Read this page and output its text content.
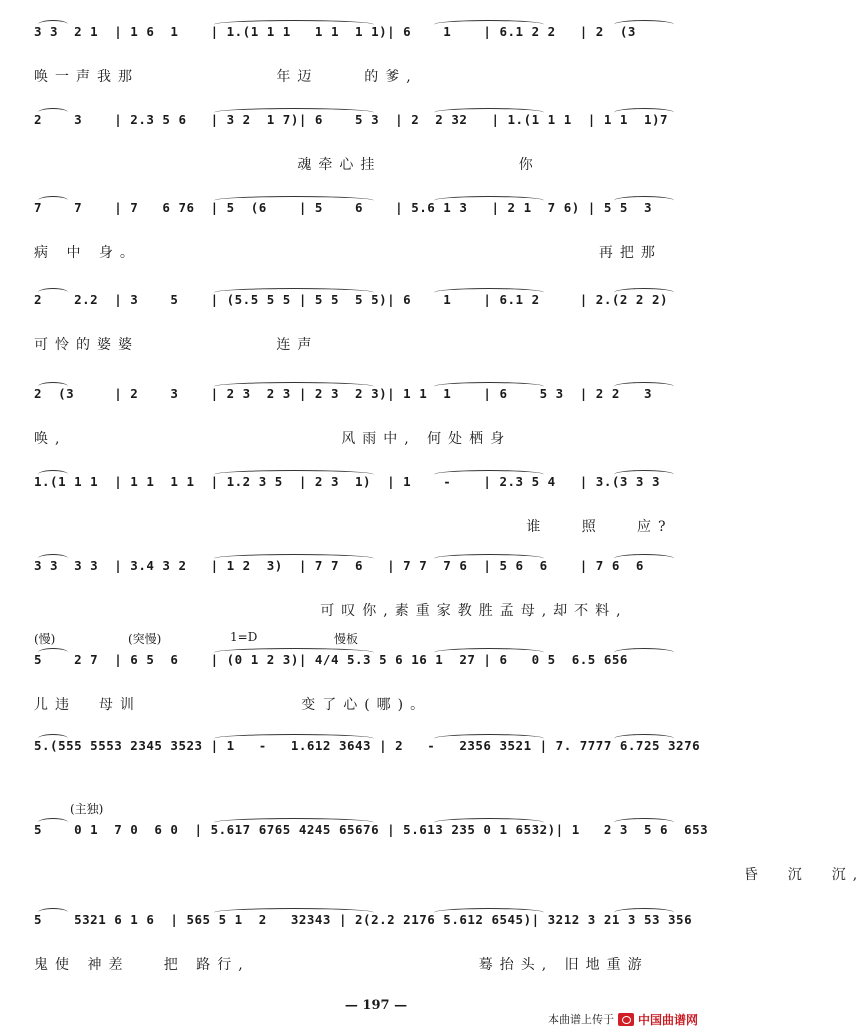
3 3  2 1  | 1 6  1    | 1.(1 1 1   1 1  1 1)| 6    1    | 6.1 2 2   | 2  (3
唤一声我那            年迈    的爹,
2    3    | 2.3 5 6   | 3 2  1 7)| 6    5 3  | 2  2 32   | 1.(1 1 1  | 1 1  1)7
魂牵心挂            你
7    7    | 7   6 76  | 5  (6    | 5    6    | 5.6 1 3   | 2 1  7 6) | 5 5  3
病 中 身。                                        再把那
2    2.2  | 3    5    | (5.5 5 5 | 5 5  5 5)| 6    1    | 6.1 2     | 2.(2 2 2)
可怜的婆婆            连声
2  (3     | 2    3    | 2 3  2 3 | 2 3  2 3)| 1 1  1    | 6    5 3  | 2 2   3
唤,                        风雨中, 何处栖身
1.(1 1 1  | 1 1  1 1  | 1.2 3 5  | 2 3  1)  | 1    -    | 2.3 5 4   | 3.(3 3 3
谁   照   应?
3 3  3 3  | 3.4 3 2   | 1 2  3)  | 7 7  6   | 7 7  7 6  | 5 6  6    | 7 6  6
可叹你,素重家教胜孟母,却不料,
5    2 7  | 6 5  6    | (0 1 2 3)| 4/4 5.3 5 6 16 1  27 | 6   0 5  6.5 656
儿违  母训              变了心(哪)。
(慢)	(突慢)	1=D	慢板
5.(555 5553 2345 3523 | 1   -   1.612 3643 | 2   -   2356 3521 | 7. 7777 6.725 3276
5    0 1  7 0  6 0  | 5.617 6765 4245 65676 | 5.613 235 0 1 6532)| 1   2 3  5 6  653
昏  沉  沉,
(主独)
5    5321 6 1 6  | 565 5 1  2   32343 | 2(2.2 2176 5.612 6545)| 3212 3 21 3 53 356
鬼使 神差   把 路行,                    蓦抬头, 旧地重游
— 197 —
本曲谱上传于 中国曲谱网
